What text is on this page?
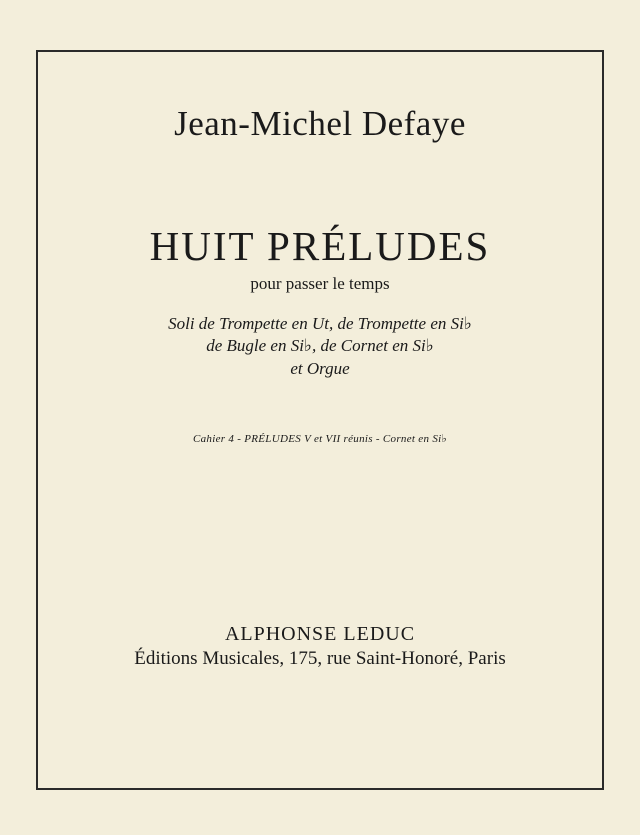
Jean-Michel Defaye
HUIT PRÉLUDES
pour passer le temps
Soli de Trompette en Ut, de Trompette en Si♭
de Bugle en Si♭, de Cornet en Si♭
et Orgue
Cahier 4 - PRÉLUDES V et VII réunis - Cornet en Si♭
ALPHONSE LEDUC
Éditions Musicales, 175, rue Saint-Honoré, Paris
